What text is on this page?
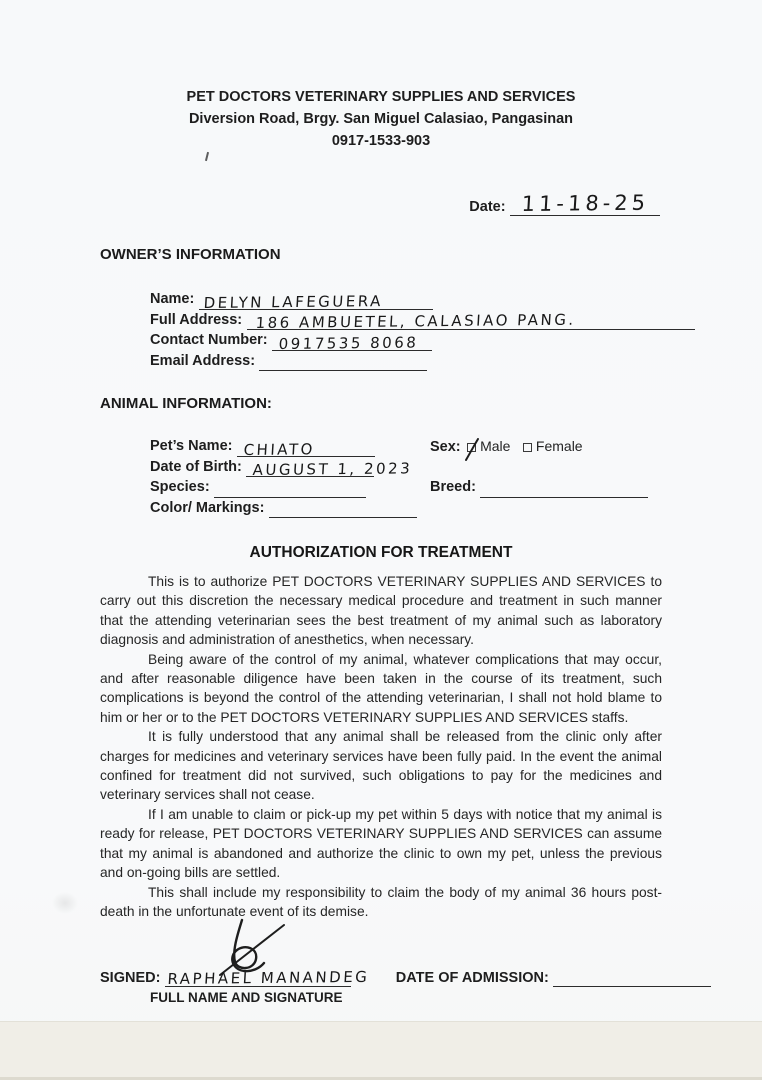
PET DOCTORS VETERINARY SUPPLIES AND SERVICES
Diversion Road, Brgy. San Miguel Calasiao, Pangasinan
0917-1533-903
Date: 11-18-25
OWNER’S INFORMATION
Name: DELYN LAFEGUERA
Full Address: 186 AMBUETEL, CALASIAO PANG.
Contact Number: 0917535 8068
Email Address:
ANIMAL INFORMATION:
Pet’s Name: CHIATO	Sex: Male Female
Date of Birth: AUGUST 1, 2023
Species:	Breed:
Color/ Markings:
AUTHORIZATION FOR TREATMENT

This is to authorize PET DOCTORS VETERINARY SUPPLIES AND SERVICES to carry out this discretion the necessary medical procedure and treatment in such manner that the attending veterinarian sees the best treatment of my animal such as laboratory diagnosis and administration of anesthetics, when necessary.

Being aware of the control of my animal, whatever complications that may occur, and after reasonable diligence have been taken in the course of its treatment, such complications is beyond the control of the attending veterinarian, I shall not hold blame to him or her or to the PET DOCTORS VETERINARY SUPPLIES AND SERVICES staffs.

It is fully understood that any animal shall be released from the clinic only after charges for medicines and veterinary services have been fully paid. In the event the animal confined for treatment did not survived, such obligations to pay for the medicines and veterinary services shall not cease.

If I am unable to claim or pick-up my pet within 5 days with notice that my animal is ready for release, PET DOCTORS VETERINARY SUPPLIES AND SERVICES can assume that my animal is abandoned and authorize the clinic to own my pet, unless the previous and on-going bills are settled.

This shall include my responsibility to claim the body of my animal 36 hours post-death in the unfortunate event of its demise.

SIGNED: RAPHAEL MANANDEG DATE OF ADMISSION:
FULL NAME AND SIGNATURE
